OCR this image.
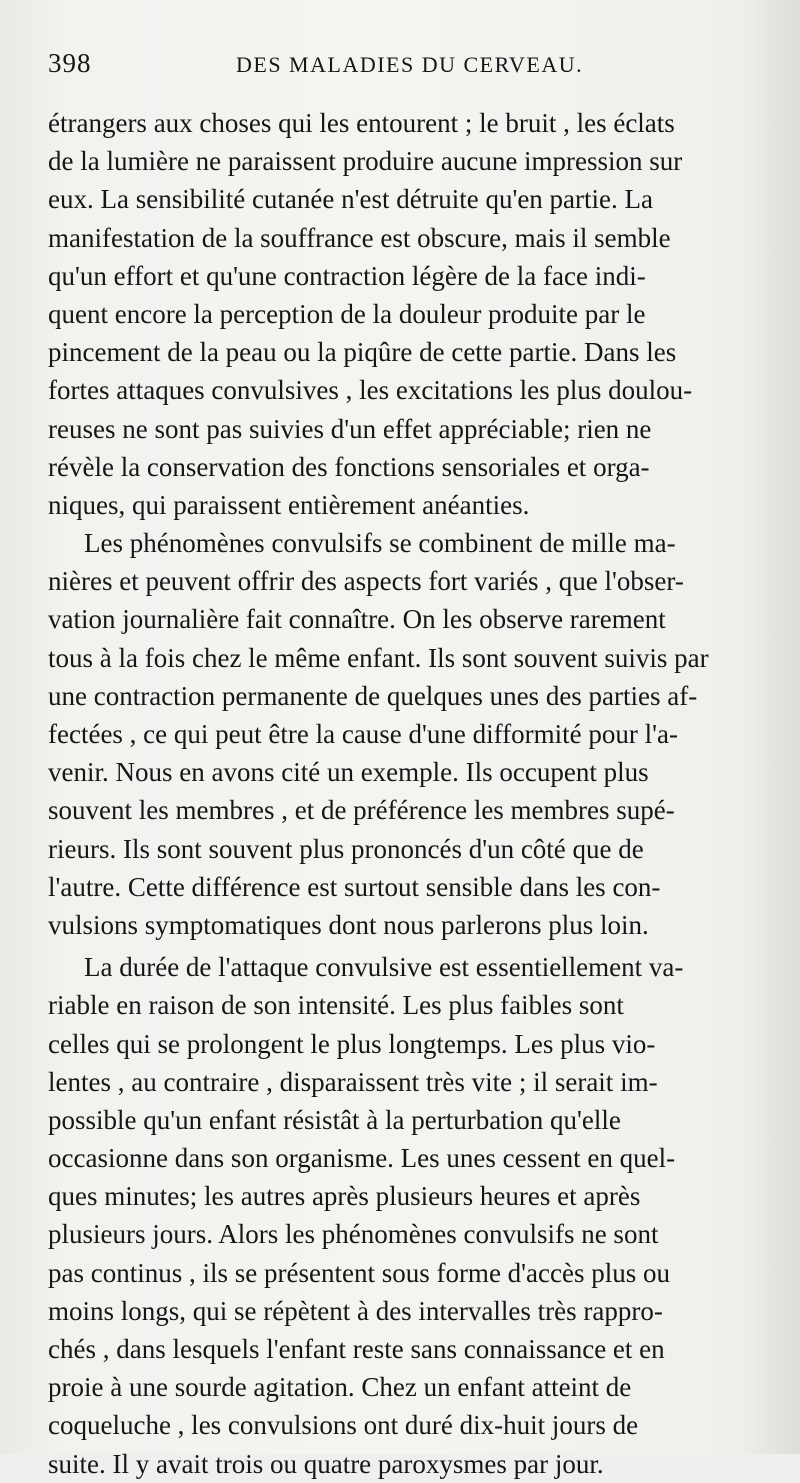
398	DES MALADIES DU CERVEAU.
étrangers aux choses qui les entourent ; le bruit , les éclats
de la lumière ne paraissent produire aucune impression sur
eux. La sensibilité cutanée n'est détruite qu'en partie. La
manifestation de la souffrance est obscure, mais il semble
qu'un effort et qu'une contraction légère de la face indi-
quent encore la perception de la douleur produite par le
pincement de la peau ou la piqûre de cette partie. Dans les
fortes attaques convulsives , les excitations les plus doulou-
reuses ne sont pas suivies d'un effet appréciable; rien ne
révèle la conservation des fonctions sensoriales et orga-
niques, qui paraissent entièrement anéanties.
Les phénomènes convulsifs se combinent de mille ma-
nières et peuvent offrir des aspects fort variés , que l'obser-
vation journalière fait connaître. On les observe rarement
tous à la fois chez le même enfant. Ils sont souvent suivis par
une contraction permanente de quelques unes des parties af-
fectées , ce qui peut être la cause d'une difformité pour l'a-
venir. Nous en avons cité un exemple. Ils occupent plus
souvent les membres , et de préférence les membres supé-
rieurs. Ils sont souvent plus prononcés d'un côté que de
l'autre. Cette différence est surtout sensible dans les con-
vulsions symptomatiques dont nous parlerons plus loin.
La durée de l'attaque convulsive est essentiellement va-
riable en raison de son intensité. Les plus faibles sont
celles qui se prolongent le plus longtemps. Les plus vio-
lentes , au contraire , disparaissent très vite ; il serait im-
possible qu'un enfant résistât à la perturbation qu'elle
occasionne dans son organisme. Les unes cessent en quel-
ques minutes; les autres après plusieurs heures et après
plusieurs jours. Alors les phénomènes convulsifs ne sont
pas continus , ils se présentent sous forme d'accès plus ou
moins longs, qui se répètent à des intervalles très rappro-
chés , dans lesquels l'enfant reste sans connaissance et en
proie à une sourde agitation. Chez un enfant atteint de
coqueluche , les convulsions ont duré dix-huit jours de
suite. Il y avait trois ou quatre paroxysmes par jour.
